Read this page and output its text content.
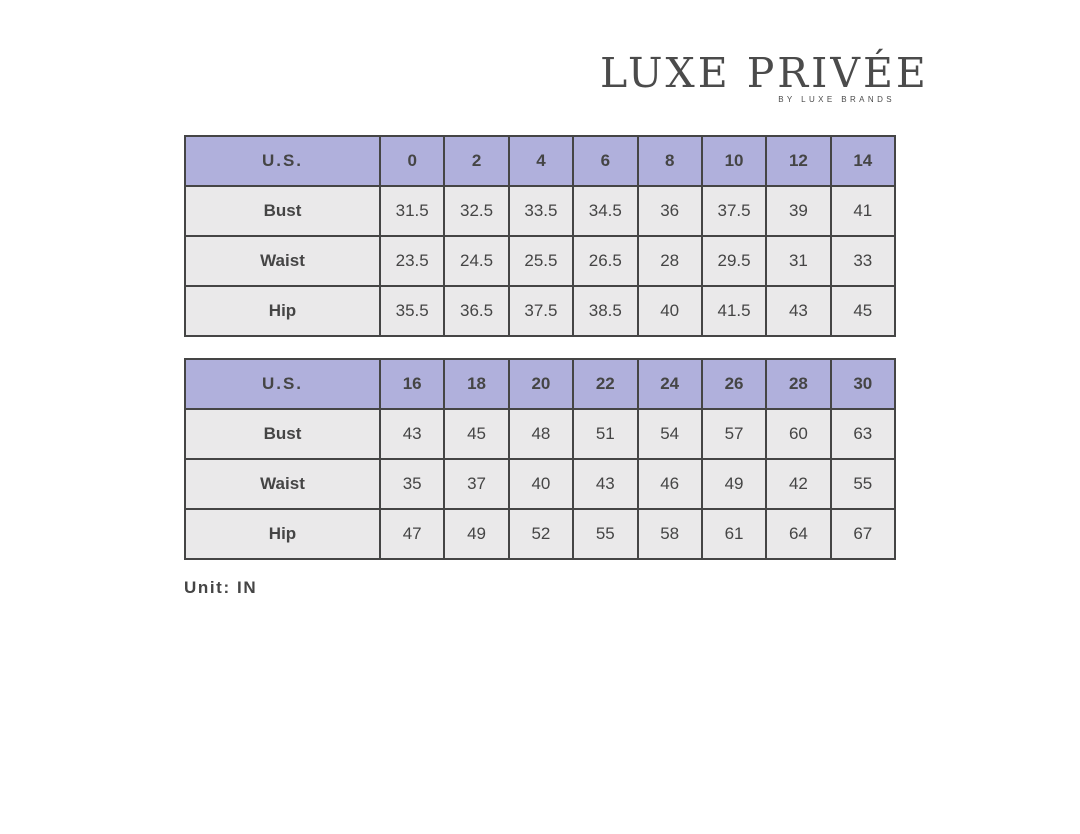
LUXE PRIVÉE
BY LUXE BRANDS
U.S.	0	2	4	6	8	10	12	14
Bust	31.5	32.5	33.5	34.5	36	37.5	39	41
Waist	23.5	24.5	25.5	26.5	28	29.5	31	33
Hip	35.5	36.5	37.5	38.5	40	41.5	43	45
U.S.	16	18	20	22	24	26	28	30
Bust	43	45	48	51	54	57	60	63
Waist	35	37	40	43	46	49	42	55
Hip	47	49	52	55	58	61	64	67
Unit: IN
